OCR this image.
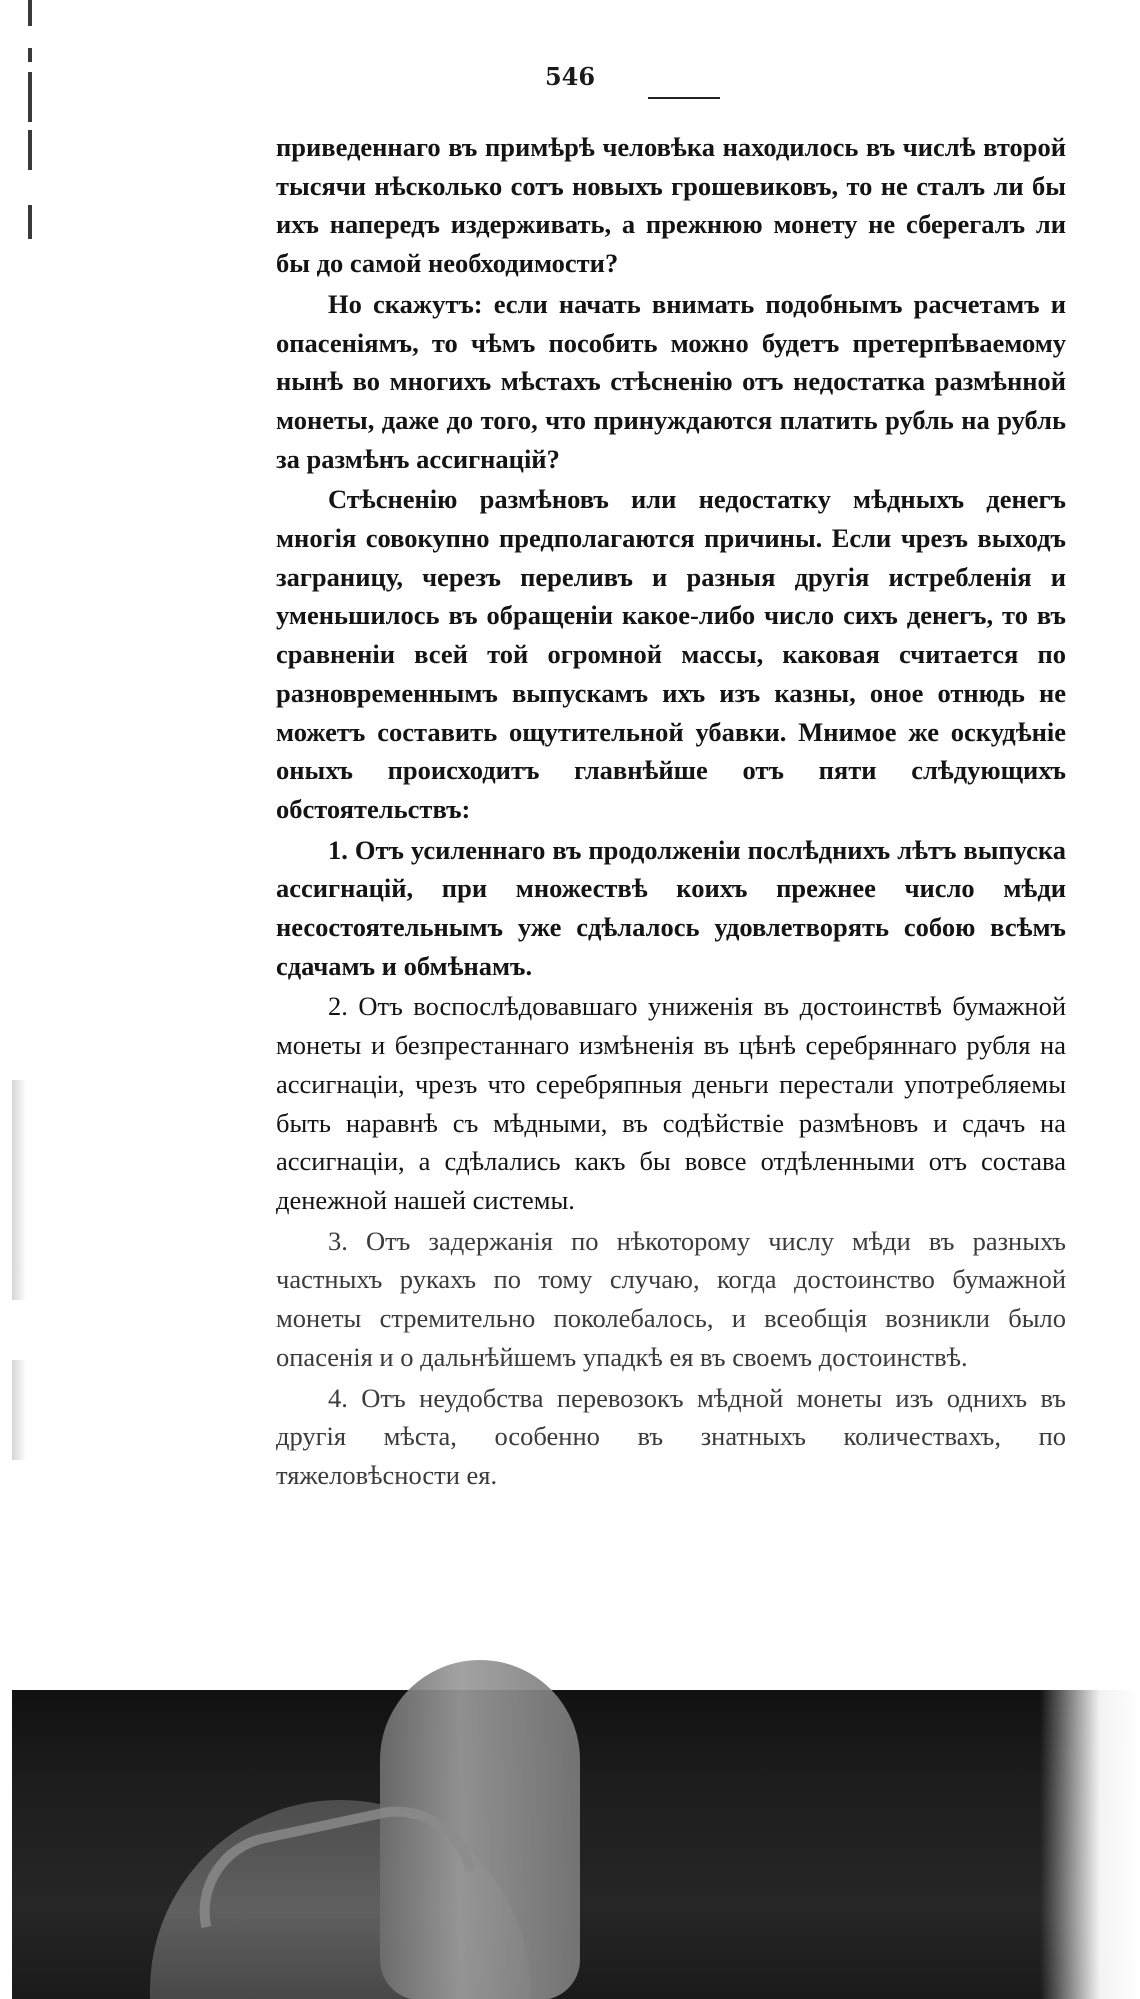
546

приведеннаго въ примѣрѣ человѣка находилось въ числѣ второй тысячи нѣсколько сотъ новыхъ грошевиковъ, то не сталъ ли бы ихъ напередъ издерживать, а прежнюю монету не сберегалъ ли бы до самой необходимости?

Но скажутъ: если начать внимать подобнымъ расчетамъ и опасеніямъ, то чѣмъ пособить можно будетъ претерпѣваемому нынѣ во многихъ мѣстахъ стѣсненію отъ недостатка размѣнной монеты, даже до того, что принуждаются платить рубль на рубль за размѣнъ ассигнацій?

Стѣсненію размѣновъ или недостатку мѣдныхъ денегъ многія совокупно предполагаются причины. Если чрезъ выходъ заграницу, черезъ переливъ и разныя другія истребленія и уменьшилось въ обращеніи какое-либо число сихъ денегъ, то въ сравненіи всей той огромной массы, каковая считается по разновременнымъ выпускамъ ихъ изъ казны, оное отнюдь не можетъ составить ощутительной убавки. Мнимое же оскудѣніе оныхъ происходитъ главнѣйше отъ пяти слѣдующихъ обстоятельствъ:

1. Отъ усиленнаго въ продолженіи послѣднихъ лѣтъ выпуска ассигнацій, при множествѣ коихъ прежнее число мѣди несостоятельнымъ уже сдѣлалось удовлетворять собою всѣмъ сдачамъ и обмѣнамъ.

2. Отъ воспослѣдовавшаго униженія въ достоинствѣ бумажной монеты и безпрестаннаго измѣненія въ цѣнѣ серебряннаго рубля на ассигнаціи, чрезъ что серебряпныя деньги перестали употребляемы быть наравнѣ съ мѣдными, въ содѣйствіе размѣновъ и сдачъ на ассигнаціи, а сдѣлались какъ бы вовсе отдѣленными отъ состава денежной нашей системы.

3. Отъ задержанія по нѣкоторому числу мѣди въ разныхъ частныхъ рукахъ по тому случаю, когда достоинство бумажной монеты стремительно поколебалось, и всеобщія возникли было опасенія и о дальнѣйшемъ упадкѣ ея въ своемъ достоинствѣ.

4. Отъ неудобства перевозокъ мѣдной монеты изъ однихъ въ другія мѣста, особенно въ знатныхъ количествахъ, по тяжеловѣсности ея.
